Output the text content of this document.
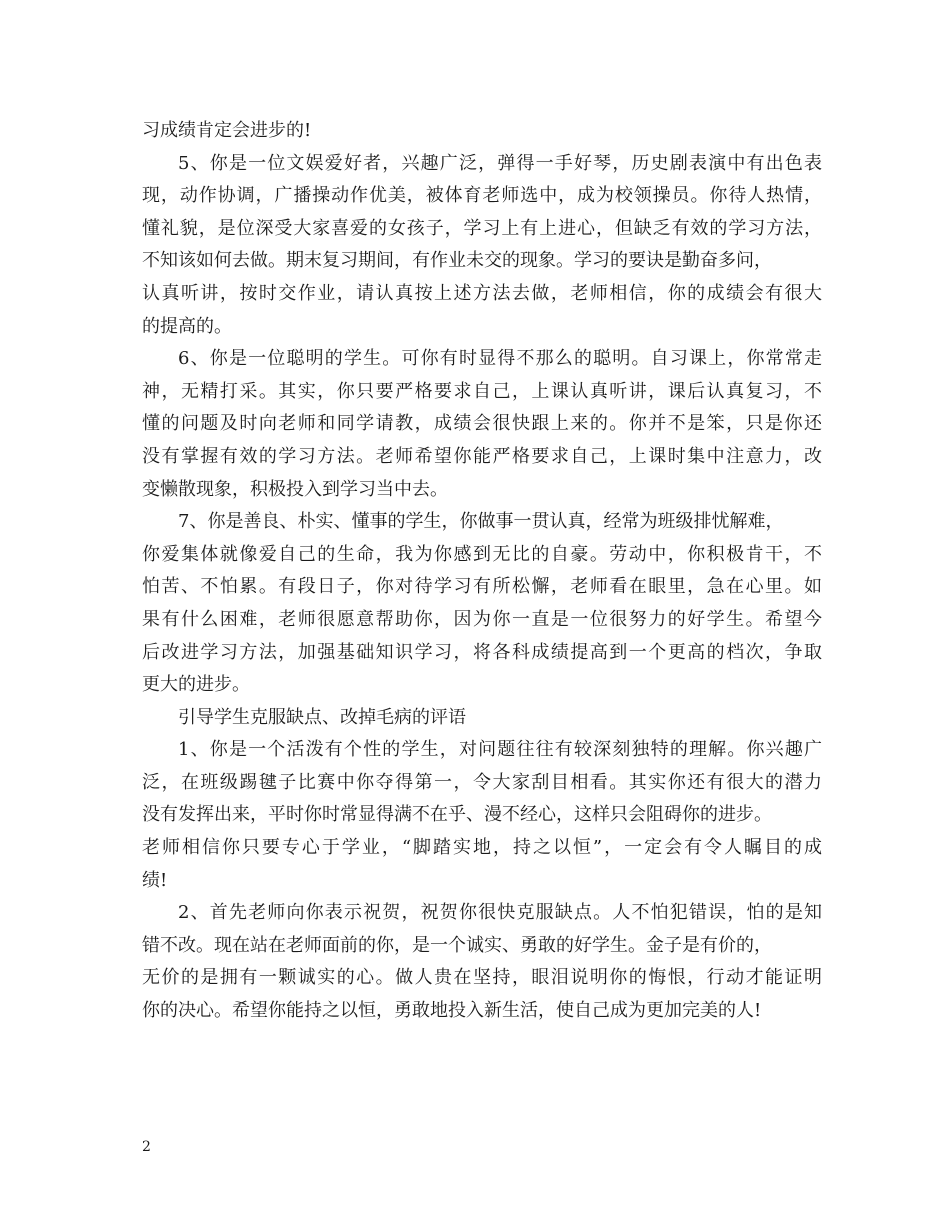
习成绩肯定会进步的!
5、你是一位文娱爱好者，兴趣广泛，弹得一手好琴，历史剧表演中有出色表
现，动作协调，广播操动作优美，被体育老师选中，成为校领操员。你待人热情，
懂礼貌，是位深受大家喜爱的女孩子，学习上有上进心，但缺乏有效的学习方法，
不知该如何去做。期末复习期间，有作业未交的现象。学习的要诀是勤奋多问，
认真听讲，按时交作业，请认真按上述方法去做，老师相信，你的成绩会有很大
的提高的。
6、你是一位聪明的学生。可你有时显得不那么的聪明。自习课上，你常常走
神，无精打采。其实，你只要严格要求自己，上课认真听讲，课后认真复习，不
懂的问题及时向老师和同学请教，成绩会很快跟上来的。你并不是笨，只是你还
没有掌握有效的学习方法。老师希望你能严格要求自己，上课时集中注意力，改
变懒散现象，积极投入到学习当中去。
7、你是善良、朴实、懂事的学生，你做事一贯认真，经常为班级排忧解难，
你爱集体就像爱自己的生命，我为你感到无比的自豪。劳动中，你积极肯干，不
怕苦、不怕累。有段日子，你对待学习有所松懈，老师看在眼里，急在心里。如
果有什么困难，老师很愿意帮助你，因为你一直是一位很努力的好学生。希望今
后改进学习方法，加强基础知识学习，将各科成绩提高到一个更高的档次，争取
更大的进步。
引导学生克服缺点、改掉毛病的评语
1、你是一个活泼有个性的学生，对问题往往有较深刻独特的理解。你兴趣广
泛，在班级踢毽子比赛中你夺得第一，令大家刮目相看。其实你还有很大的潜力
没有发挥出来，平时你时常显得满不在乎、漫不经心，这样只会阻碍你的进步。
老师相信你只要专心于学业，“脚踏实地，持之以恒”，一定会有令人瞩目的成
绩!
2、首先老师向你表示祝贺，祝贺你很快克服缺点。人不怕犯错误，怕的是知
错不改。现在站在老师面前的你，是一个诚实、勇敢的好学生。金子是有价的，
无价的是拥有一颗诚实的心。做人贵在坚持，眼泪说明你的悔恨，行动才能证明
你的决心。希望你能持之以恒，勇敢地投入新生活，使自己成为更加完美的人!
2
